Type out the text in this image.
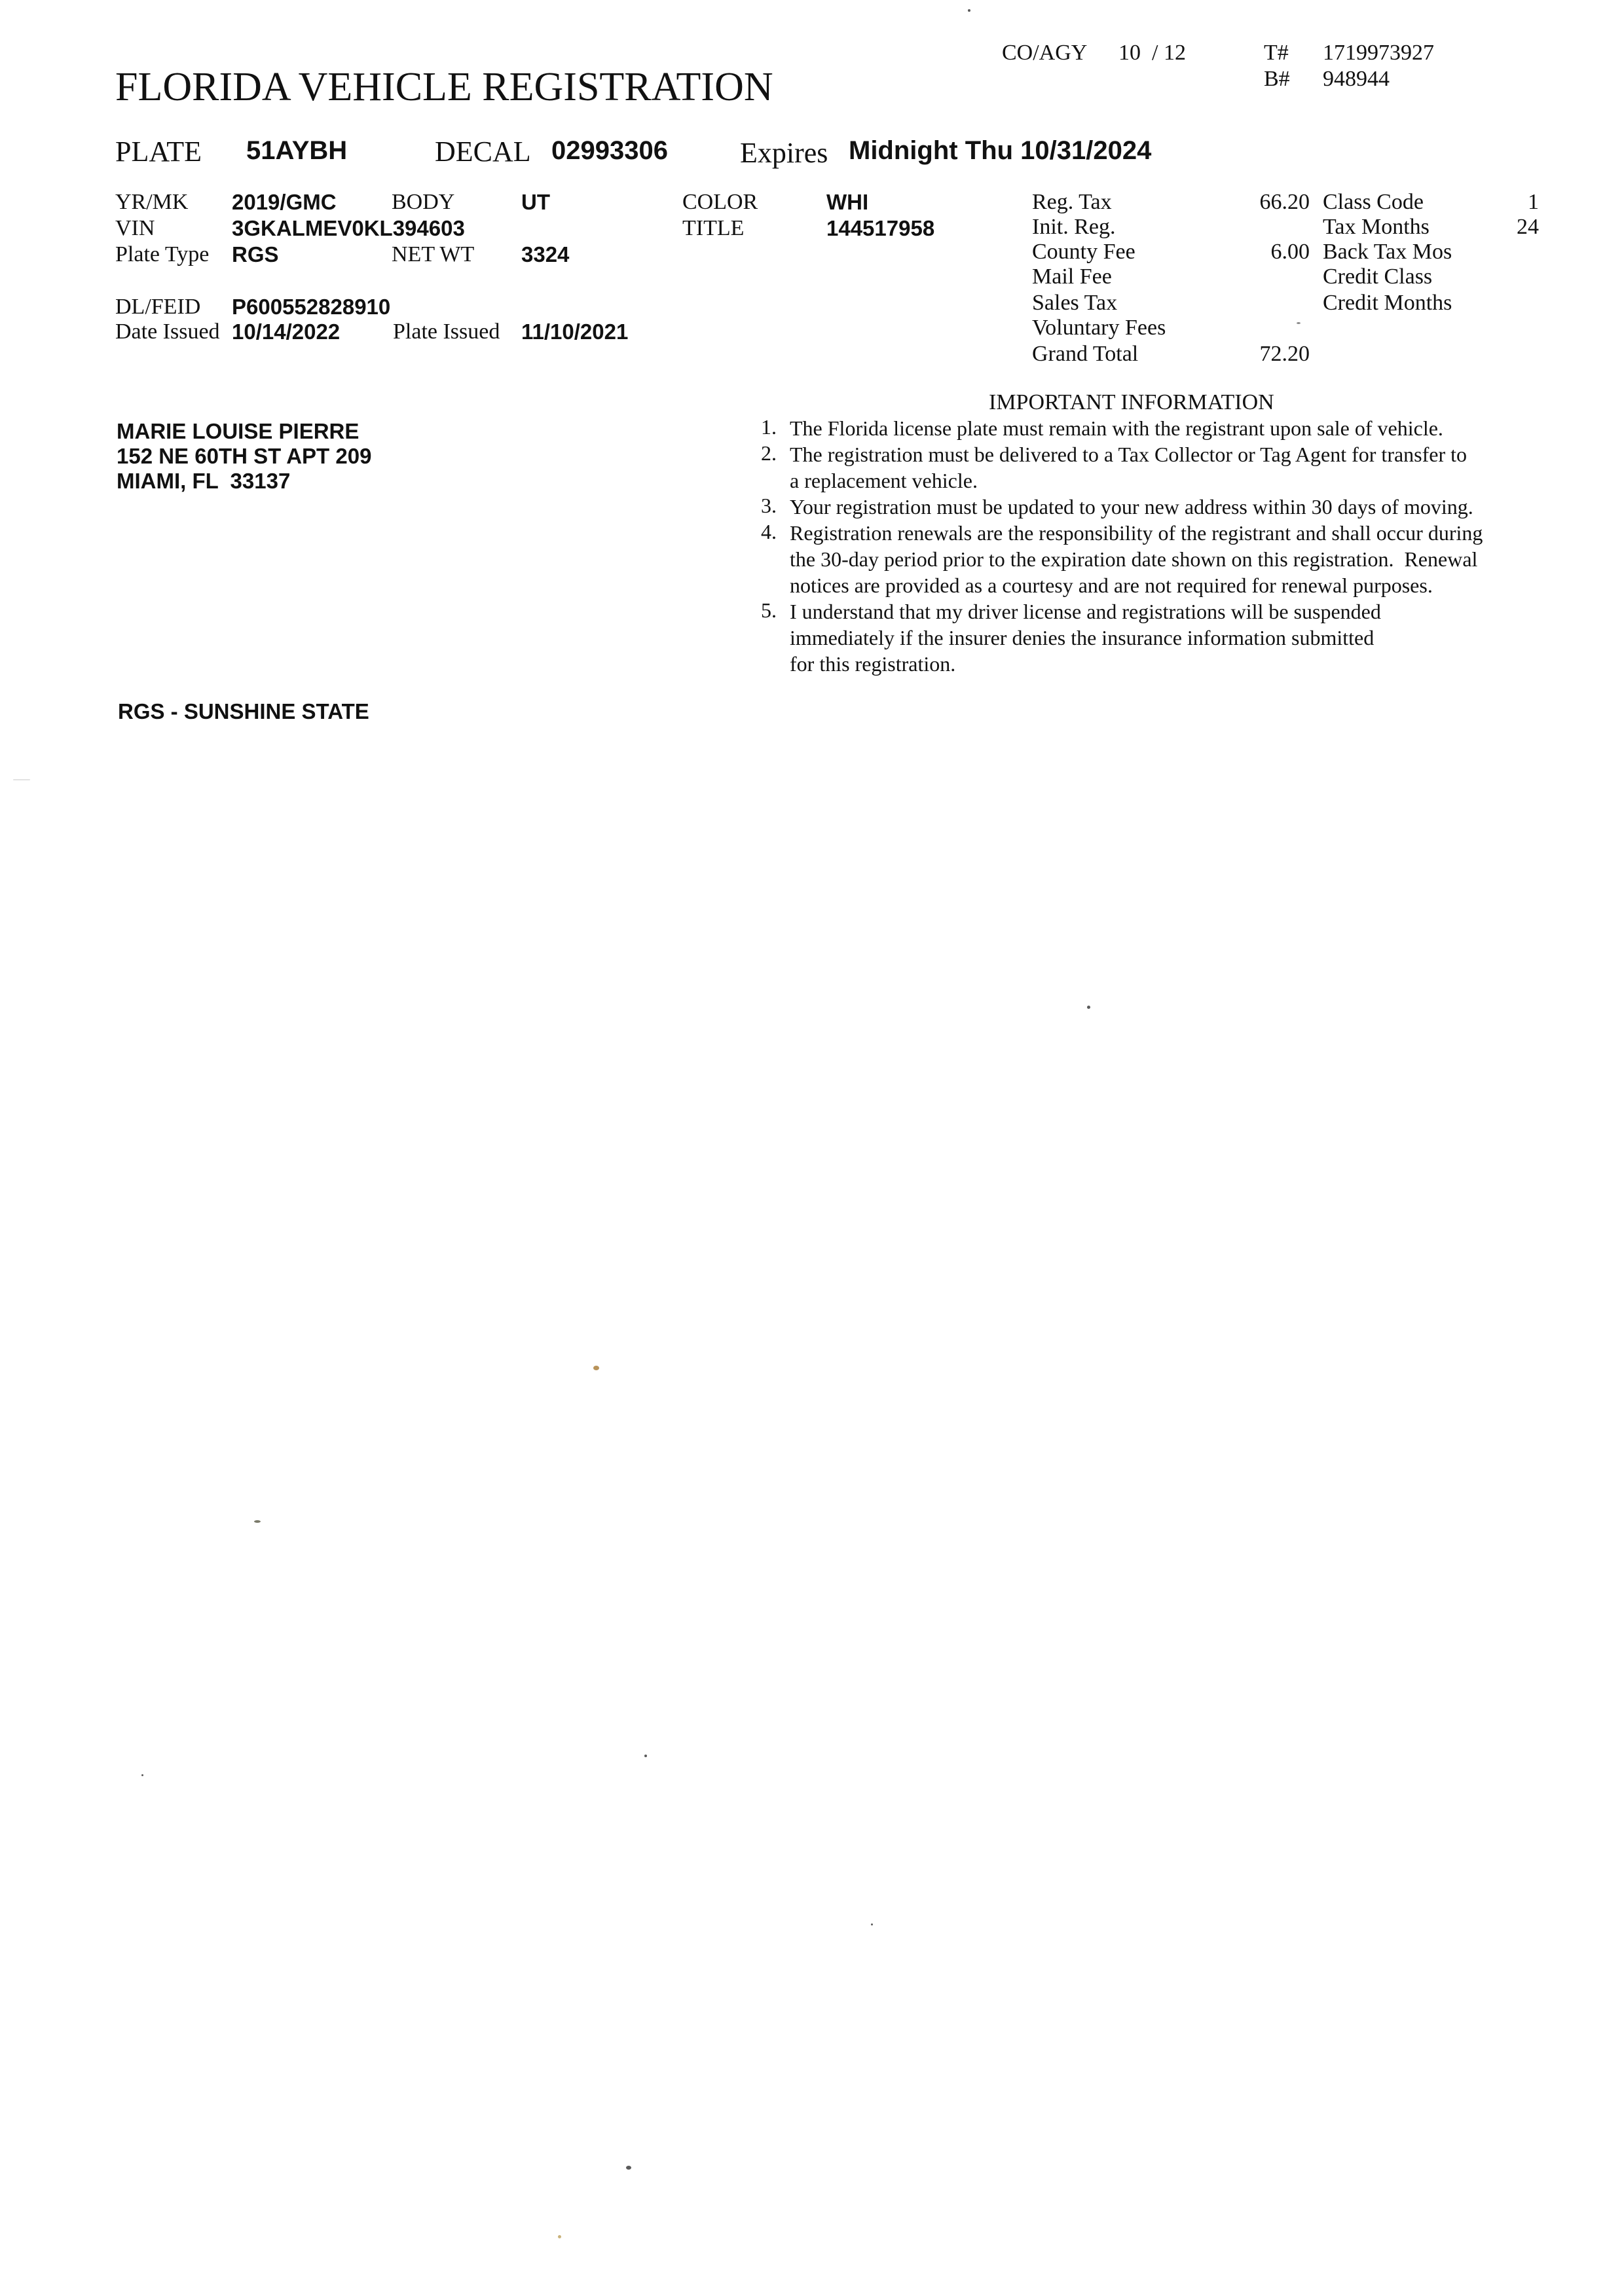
FLORIDA VEHICLE REGISTRATION
CO/AGY 10  / 12	T# 1719973927
B# 948944
PLATE 51AYBH	DECAL 02993306	Expires Midnight Thu 10/31/2024
YR/MK 2019/GMC BODY	UT	COLOR	WHI
VIN	3GKALMEV0KL394603	TITLE	144517958
Plate Type RGS	NET WT 3324
DL/FEID P600552828910
Date Issued 10/14/2022 Plate Issued 11/10/2021
Reg. Tax	66.20
Init. Reg.
County Fee	6.00
Mail Fee
Sales Tax
Voluntary Fees
Grand Total	72.20
Class Code	1
Tax Months	24
Back Tax Mos
Credit Class
Credit Months
MARIE LOUISE PIERRE
152 NE 60TH ST APT 209
MIAMI, FL  33137
RGS - SUNSHINE STATE
IMPORTANT INFORMATION
1. The Florida license plate must remain with the registrant upon sale of vehicle.
2. The registration must be delivered to a Tax Collector or Tag Agent for transfer to
a replacement vehicle.
3. Your registration must be updated to your new address within 30 days of moving.
4. Registration renewals are the responsibility of the registrant and shall occur during
the 30-day period prior to the expiration date shown on this registration.  Renewal
notices are provided as a courtesy and are not required for renewal purposes.
5. I understand that my driver license and registrations will be suspended
immediately if the insurer denies the insurance information submitted
for this registration.
